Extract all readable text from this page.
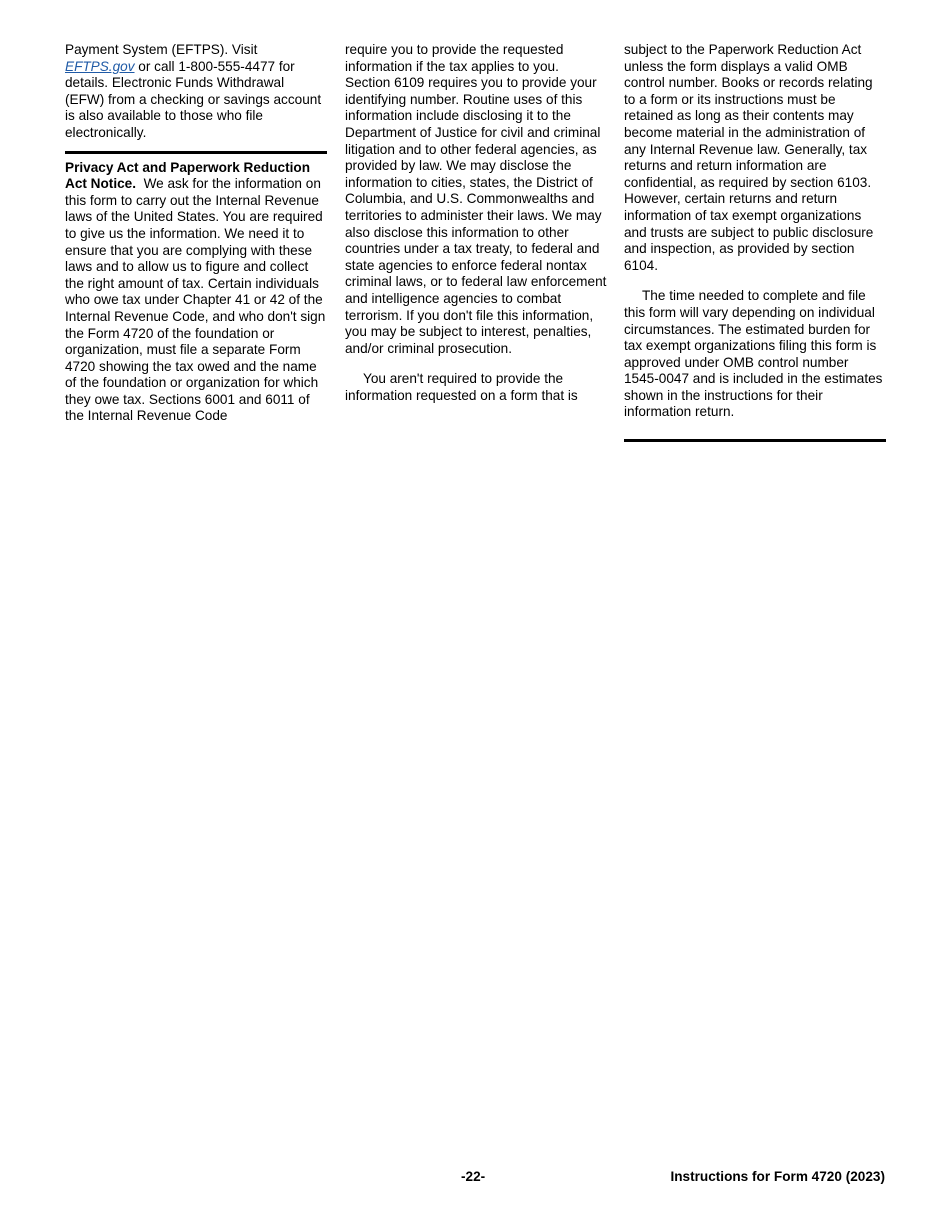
Payment System (EFTPS). Visit EFTPS.gov or call 1-800-555-4477 for details. Electronic Funds Withdrawal (EFW) from a checking or savings account is also available to those who file electronically.

Privacy Act and Paperwork Reduction Act Notice. We ask for the information on this form to carry out the Internal Revenue laws of the United States. You are required to give us the information. We need it to ensure that you are complying with these laws and to allow us to figure and collect the right amount of tax. Certain individuals who owe tax under Chapter 41 or 42 of the Internal Revenue Code, and who don't sign the Form 4720 of the foundation or organization, must file a separate Form 4720 showing the tax owed and the name of the foundation or organization for which they owe tax. Sections 6001 and 6011 of the Internal Revenue Code

require you to provide the requested information if the tax applies to you. Section 6109 requires you to provide your identifying number. Routine uses of this information include disclosing it to the Department of Justice for civil and criminal litigation and to other federal agencies, as provided by law. We may disclose the information to cities, states, the District of Columbia, and U.S. Commonwealths and territories to administer their laws. We may also disclose this information to other countries under a tax treaty, to federal and state agencies to enforce federal nontax criminal laws, or to federal law enforcement and intelligence agencies to combat terrorism. If you don't file this information, you may be subject to interest, penalties, and/or criminal prosecution.

You aren't required to provide the information requested on a form that is

subject to the Paperwork Reduction Act unless the form displays a valid OMB control number. Books or records relating to a form or its instructions must be retained as long as their contents may become material in the administration of any Internal Revenue law. Generally, tax returns and return information are confidential, as required by section 6103. However, certain returns and return information of tax exempt organizations and trusts are subject to public disclosure and inspection, as provided by section 6104.

The time needed to complete and file this form will vary depending on individual circumstances. The estimated burden for tax exempt organizations filing this form is approved under OMB control number 1545-0047 and is included in the estimates shown in the instructions for their information return.

-22-	Instructions for Form 4720 (2023)
